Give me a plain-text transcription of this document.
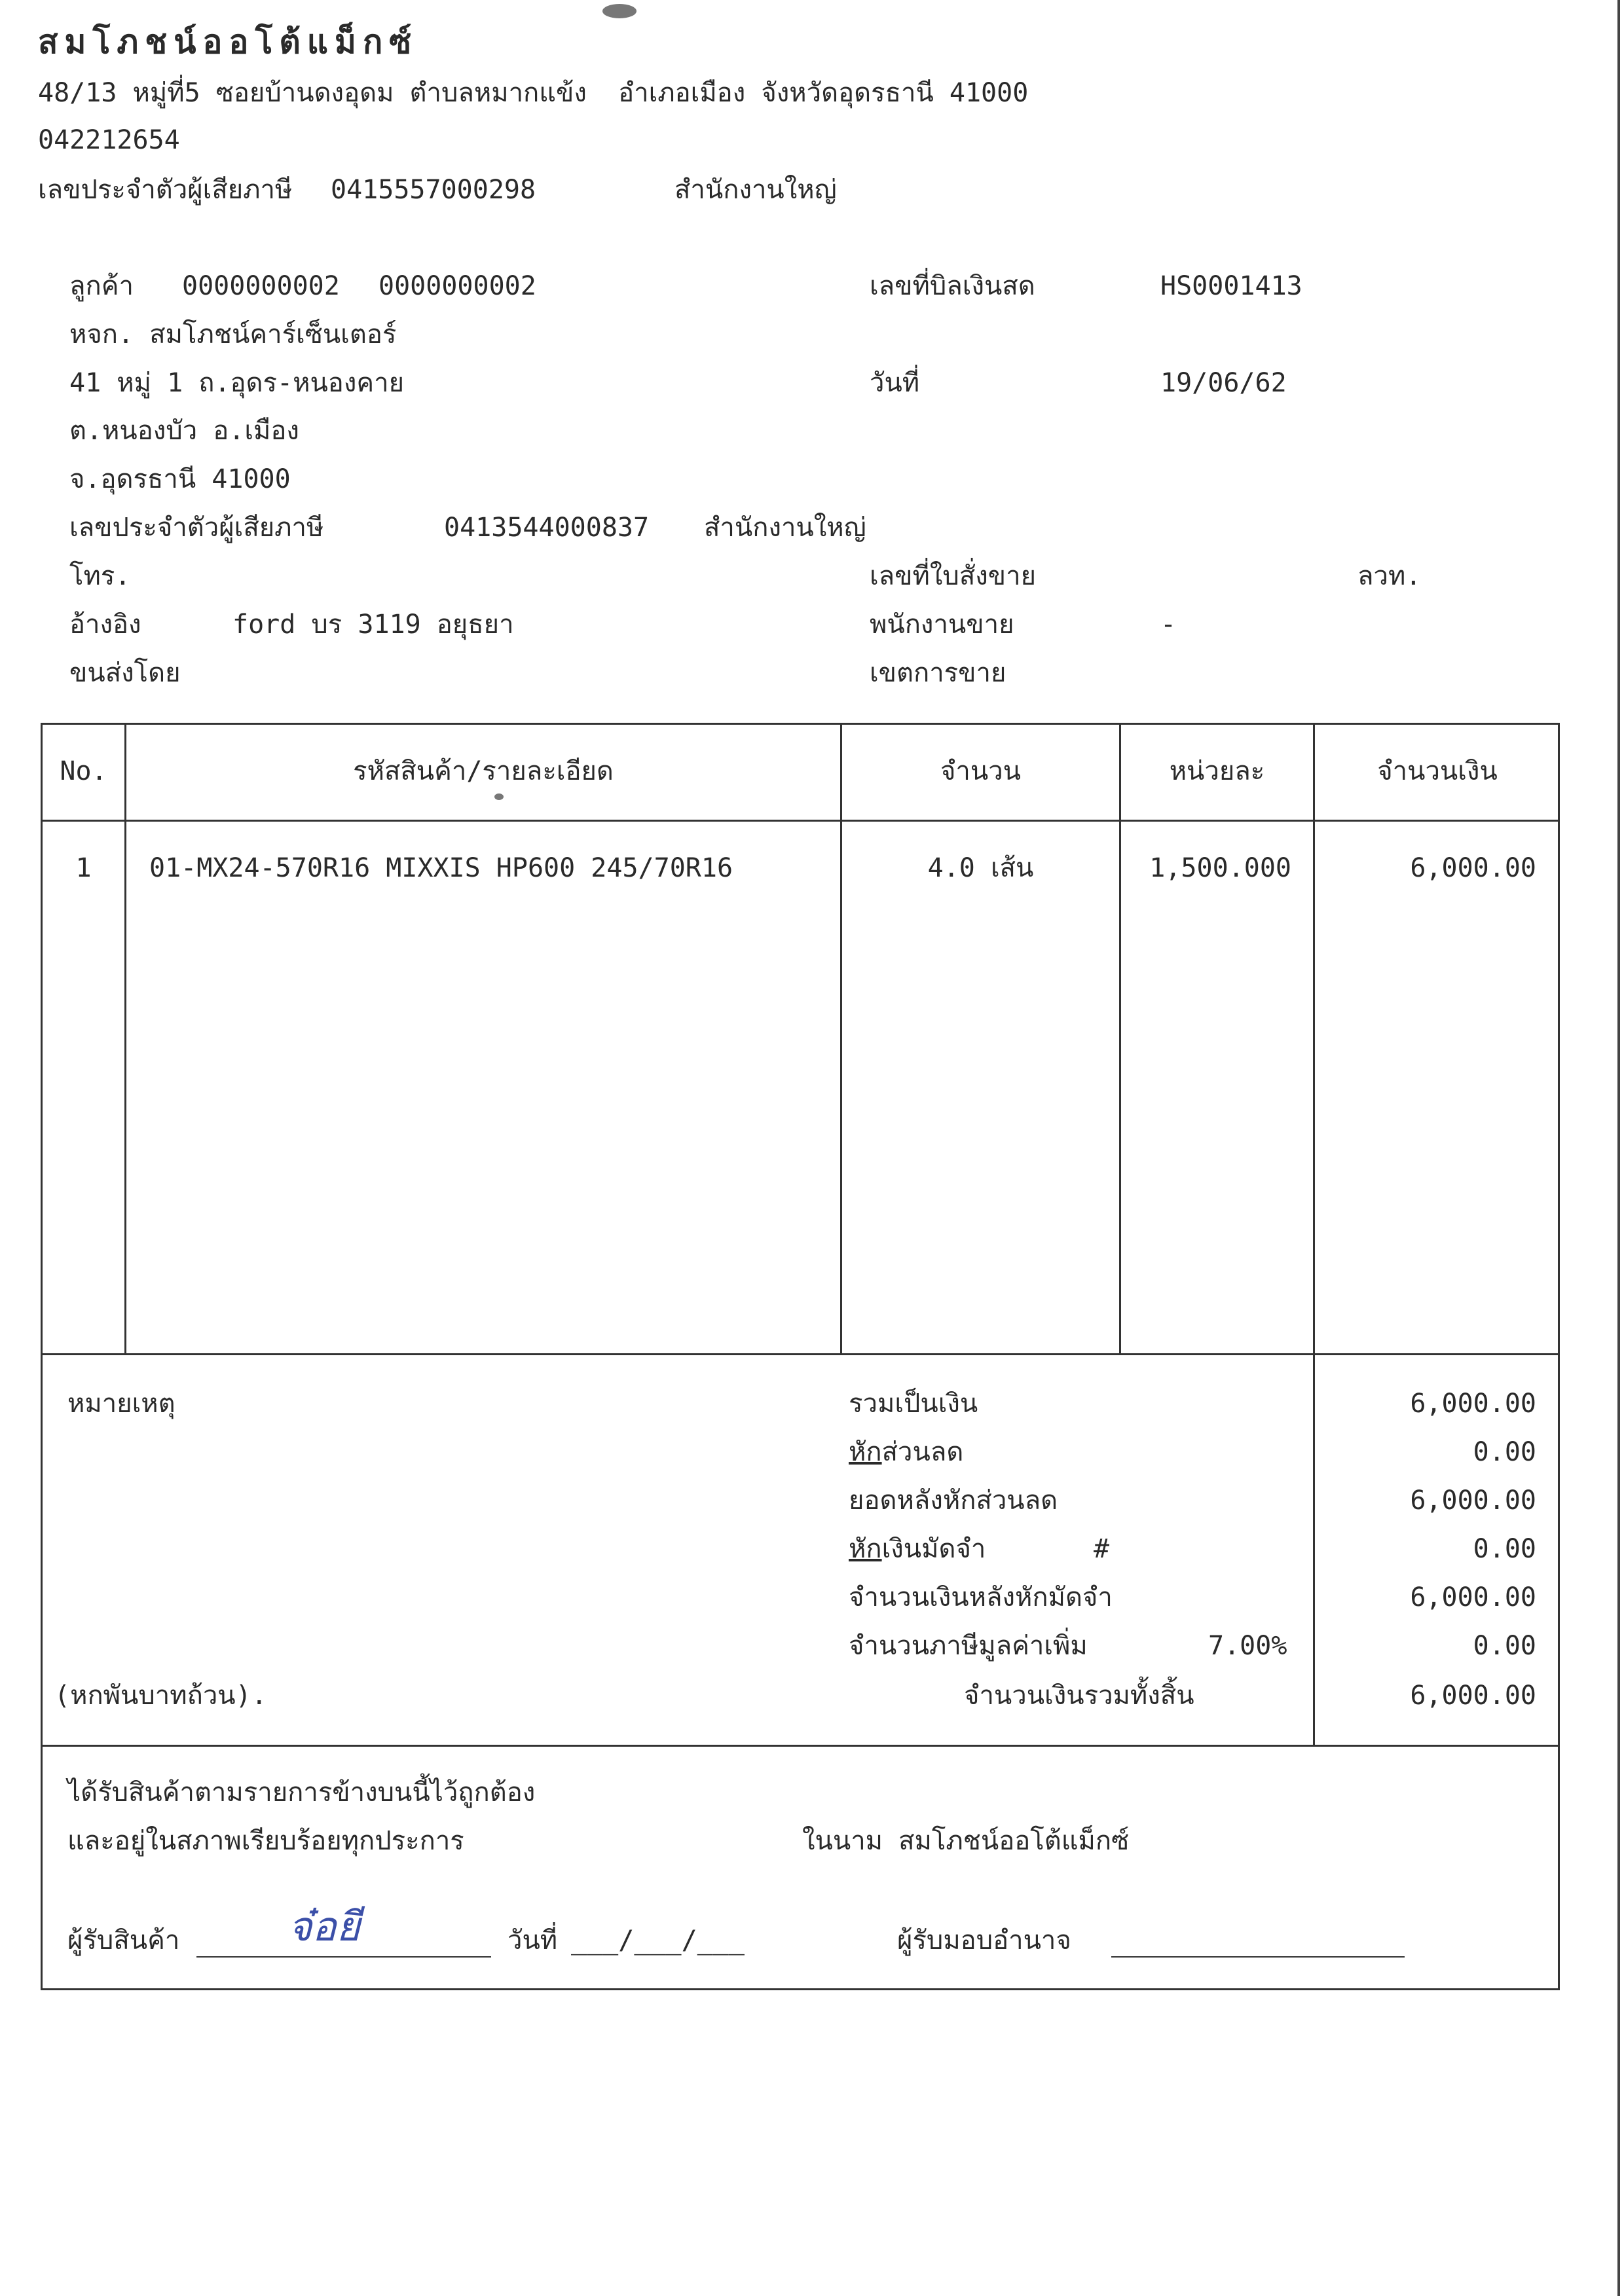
สมโภชน์ออโต้แม็กซ์
48/13 หมู่ที่5 ซอยบ้านดงอุดม ตำบลหมากแข้ง  อำเภอเมือง จังหวัดอุดรธานี 41000
042212654
เลขประจำตัวผู้เสียภาษี 0415557000298	สำนักงานใหญ่
ลูกค้า 0000000002 0000000002
หจก. สมโภชน์คาร์เซ็นเตอร์
41 หมู่ 1 ถ.อุดร-หนองคาย
ต.หนองบัว อ.เมือง
จ.อุดรธานี 41000
เลขประจำตัวผู้เสียภาษี	0413544000837 สำนักงานใหญ่
โทร.
อ้างอิง	ford บร 3119 อยุธยา
ขนส่งโดย
เลขที่บิลเงินสด	HS0001413
วันที่	19/06/62
เลขที่ใบสั่งขาย	ลวท.
พนักงานขาย	-
เขตการขาย
No.	รหัสสินค้า/รายละเอียด	จำนวน	หน่วยละ	จำนวนเงิน
1	01-MX24-570R16 MIXXIS HP600 245/70R16	4.0 เส้น	1,500.000	6,000.00
หมายเหตุ	รวมเป็นเงิน	6,000.00
หักส่วนลด	0.00
ยอดหลังหักส่วนลด	6,000.00
หักเงินมัดจำ	#	0.00
จำนวนเงินหลังหักมัดจำ	6,000.00
จำนวนภาษีมูลค่าเพิ่ม	7.00%	0.00
(หกพันบาทถ้วน).	จำนวนเงินรวมทั้งสิ้น	6,000.00
ได้รับสินค้าตามรายการข้างบนนี้ไว้ถูกต้อง
และอยู่ในสภาพเรียบร้อยทุกประการ	ในนาม สมโภชน์ออโต้แม็กซ์
ผู้รับสินค้า	จ๋อยี	วันที่ ___/___/___	ผู้รับมอบอำนาจ
